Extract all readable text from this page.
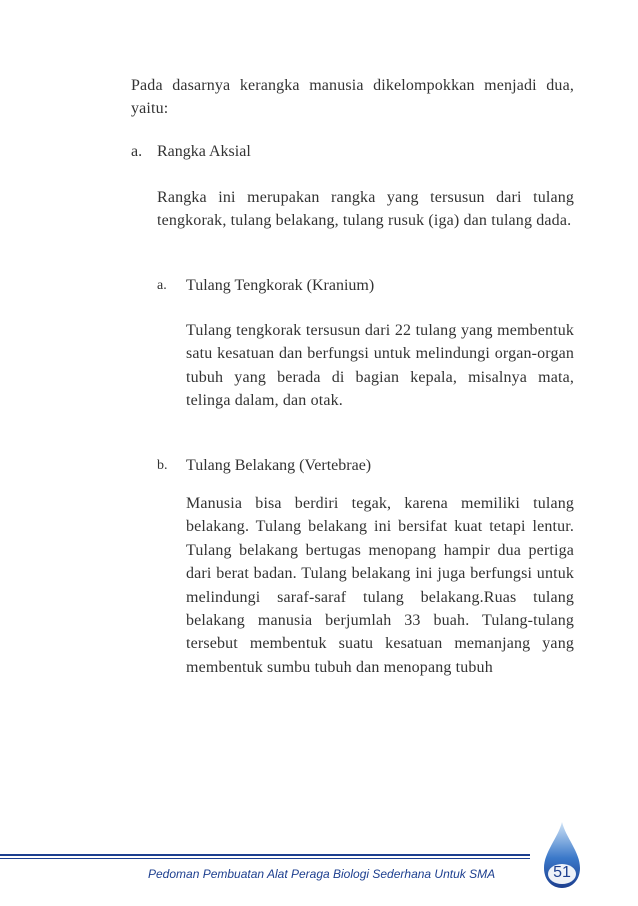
Pada dasarnya kerangka manusia dikelompokkan menjadi dua, yaitu:

a. Rangka Aksial

Rangka ini merupakan rangka yang tersusun dari tulang tengkorak, tulang belakang, tulang rusuk (iga) dan tulang dada.

a. Tulang Tengkorak (Kranium)

Tulang tengkorak tersusun dari 22 tulang yang membentuk satu kesatuan dan berfungsi untuk melindungi organ-organ tubuh yang berada di bagian kepala, misalnya mata, telinga dalam, dan otak.

b. Tulang Belakang (Vertebrae)

Manusia bisa berdiri tegak, karena memiliki tulang belakang. Tulang belakang ini bersifat kuat tetapi lentur. Tulang belakang bertugas menopang hampir dua pertiga dari berat badan. Tulang belakang ini juga berfungsi untuk melindungi saraf-saraf tulang belakang.Ruas tulang belakang manusia berjumlah 33 buah. Tulang-tulang tersebut membentuk suatu kesatuan memanjang yang membentuk sumbu tubuh dan menopang tubuh

Pedoman Pembuatan Alat Peraga Biologi Sederhana Untuk SMA	51
